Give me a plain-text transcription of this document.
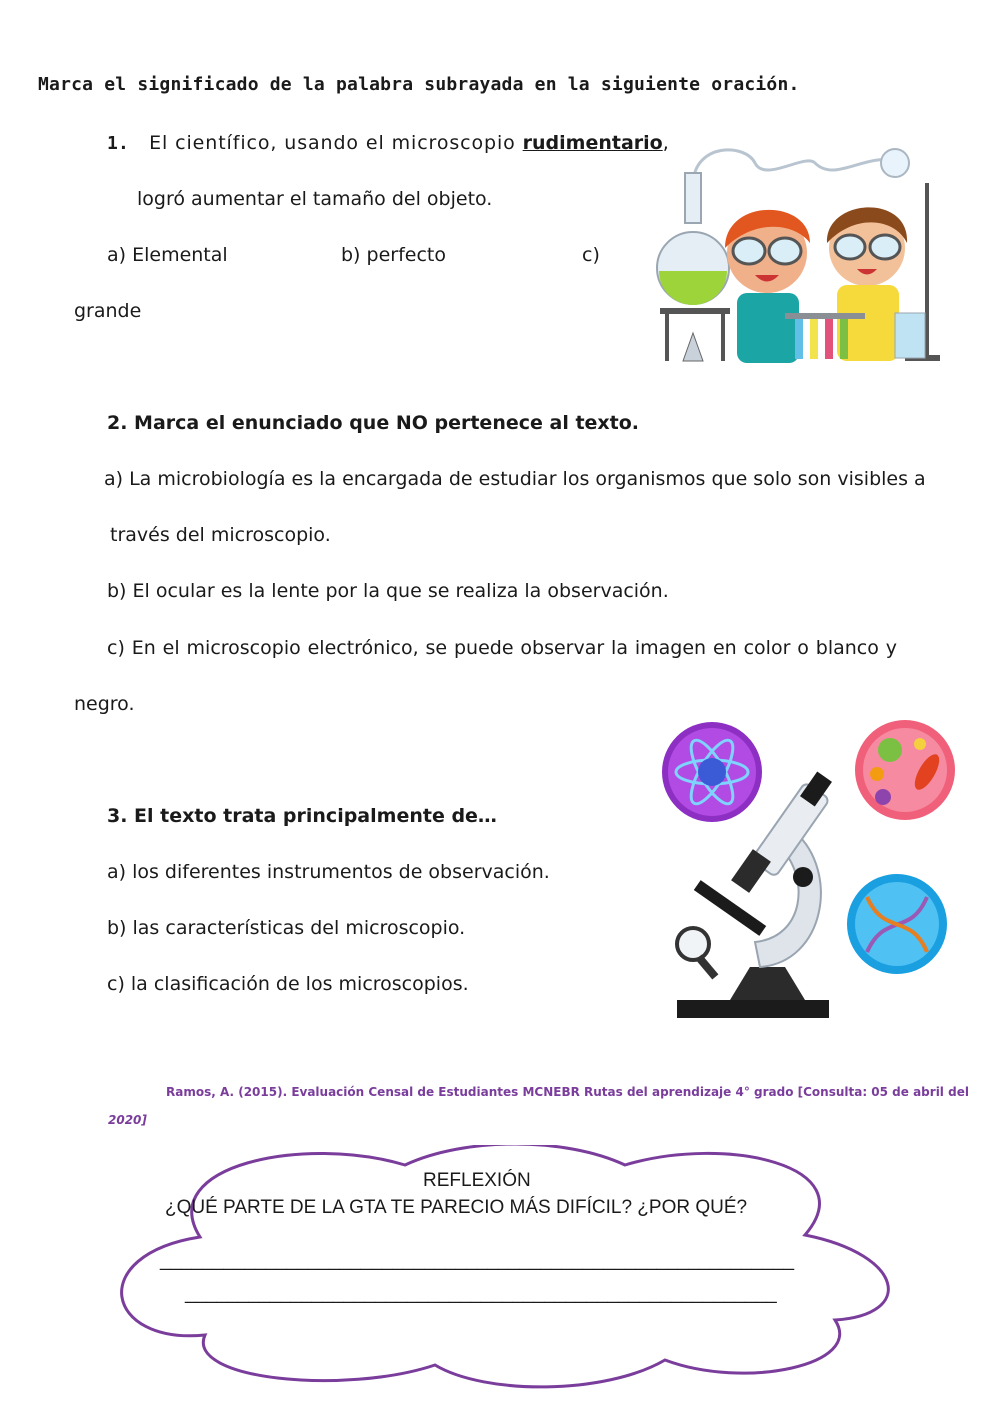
Marca el significado de la palabra subrayada en la siguiente oración.
1. El científico, usando el microscopio rudimentario,
logró aumentar el tamaño del objeto.
a) Elemental	b) perfecto	c)
grande
2. Marca el enunciado que NO pertenece al texto.
a) La microbiología es la encargada de estudiar los organismos que solo son visibles a
través del microscopio.
b) El ocular es la lente por la que se realiza la observación.
c) En el microscopio electrónico, se puede observar la imagen en color o blanco y
negro.
3. El texto trata principalmente de…
a) los diferentes instrumentos de observación.
b) las características del microscopio.
c) la clasificación de los microscopios.
Ramos, A. (2015). Evaluación Censal de Estudiantes MCNEBR Rutas del aprendizaje 4° grado [Consulta: 05 de abril del
2020]
REFLEXIÓN
¿QUÉ PARTE DE LA GTA TE PARECIO MÁS DIFÍCIL? ¿POR QUÉ?
____________________________________________________________
________________________________________________________
